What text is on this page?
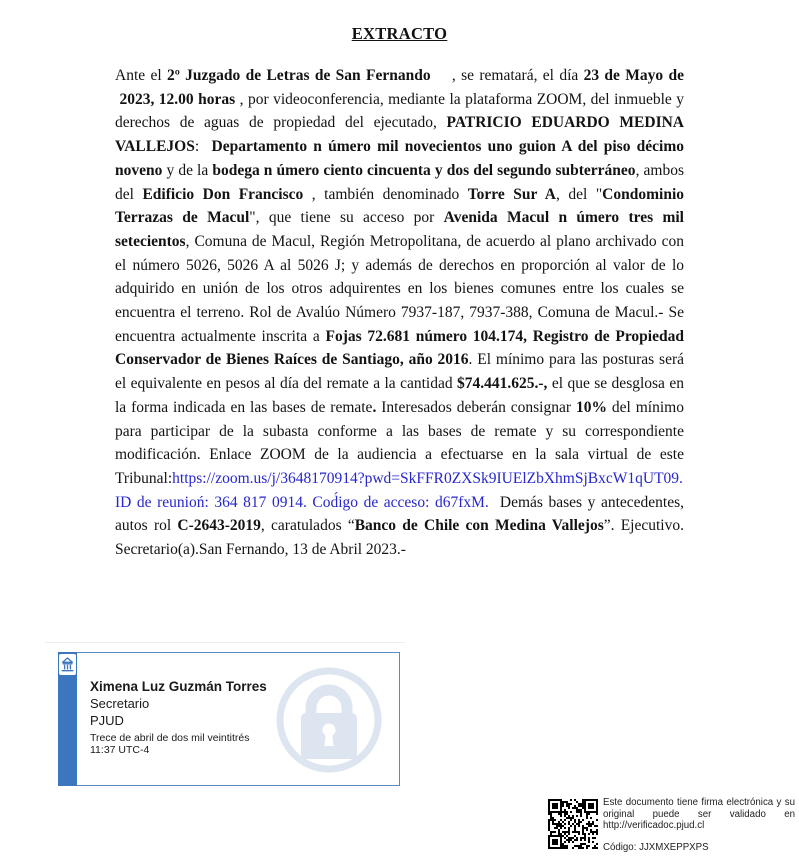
EXTRACTO
Ante el 2º Juzgado de Letras de San Fernando    , se rematará, el día 23 de Mayo de  2023, 12.00 horas , por videoconferencia, mediante la plataforma ZOOM, del inmueble y derechos de aguas de propiedad del ejecutado, PATRICIO EDUARDO MEDINA VALLEJOS:  Departamento n úmero mil novecientos uno guion A del piso décimo noveno y de la bodega n úmero ciento cincuenta y dos del segundo subterráneo, ambos del Edificio Don Francisco , también denominado Torre Sur A, del "Condominio Terrazas de Macul", que tiene su acceso por Avenida Macul n úmero tres mil setecientos, Comuna de Macul, Región Metropolitana, de acuerdo al plano archivado con el número 5026, 5026 A al 5026 J; y además de derechos en proporción al valor de lo adquirido en unión de los otros adquirentes en los bienes comunes entre los cuales se encuentra el terreno. Rol de Avalúo Número 7937-187, 7937-388, Comuna de Macul.- Se encuentra actualmente inscrita a Fojas 72.681 número 104.174, Registro de Propiedad Conservador de Bienes Raíces de Santiago, año 2016. El mínimo para las posturas será el equivalente en pesos al día del remate a la cantidad $74.441.625.-, el que se desglosa en la forma indicada en las bases de remate. Interesados deberán consignar 10% del mínimo para participar de la subasta conforme a las bases de remate y su correspondiente modificación. Enlace ZOOM de la audiencia a efectuarse en la sala virtual de este Tribunal:https://zoom.us/j/3648170914?pwd=SkFFR0ZXSk9IUElZbXhmSjBxcW1qUT09. ID de reunioń: 364 817 0914. Cod́igo de acceso: d67fxM.  Demás bases y antecedentes, autos rol C-2643-2019, caratulados “Banco de Chile con Medina Vallejos”. Ejecutivo. Secretario(a).San Fernando, 13 de Abril 2023.-
Ximena Luz Guzmán Torres
Secretario
PJUD
Trece de abril de dos mil veintitrés
11:37 UTC-4
Este documento tiene firma electrónica y su original puede ser validado en http://verificadoc.pjud.cl
Código: JJXMXEPPXPS
